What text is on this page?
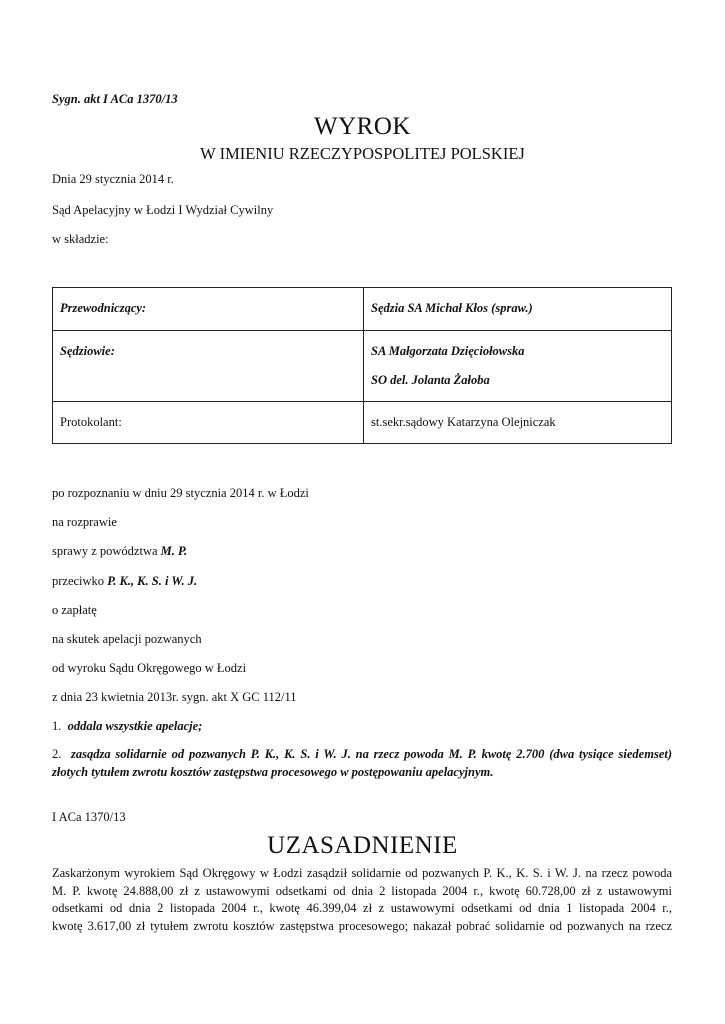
Sygn. akt I ACa 1370/13
WYROK
W IMIENIU RZECZYPOSPOLITEJ POLSKIEJ
Dnia 29 stycznia 2014 r.
Sąd Apelacyjny w Łodzi I Wydział Cywilny
w składzie:
Przewodniczący:	Sędzia SA Michał Kłos (spraw.)
Sędziowie:	SA Małgorzata Dzięciołowska
SO del. Jolanta Żałoba
Protokolant:	st.sekr.sądowy Katarzyna Olejniczak
po rozpoznaniu w dniu 29 stycznia 2014 r. w Łodzi
na rozprawie
sprawy z powództwa M. P.
przeciwko P. K., K. S. i W. J.
o zapłatę
na skutek apelacji pozwanych
od wyroku Sądu Okręgowego w Łodzi
z dnia 23 kwietnia 2013r. sygn. akt X GC 112/11
1. oddala wszystkie apelacje;
2. zasądza solidarnie od pozwanych P. K., K. S. i W. J. na rzecz powoda M. P. kwotę 2.700 (dwa tysiące siedemset) złotych tytułem zwrotu kosztów zastępstwa procesowego w postępowaniu apelacyjnym.
I ACa 1370/13
UZASADNIENIE
Zaskarżonym wyrokiem Sąd Okręgowy w Łodzi zasądził solidarnie od pozwanych P. K., K. S. i W. J. na rzecz powoda
M. P. kwotę 24.888,00 zł z ustawowymi odsetkami od dnia 2 listopada 2004 r., kwotę 60.728,00 zł z ustawowymi
odsetkami od dnia 2 listopada 2004 r., kwotę 46.399,04 zł z ustawowymi odsetkami od dnia 1 listopada 2004 r.,
kwotę 3.617,00 zł tytułem zwrotu kosztów zastępstwa procesowego; nakazał pobrać solidarnie od pozwanych na rzecz
